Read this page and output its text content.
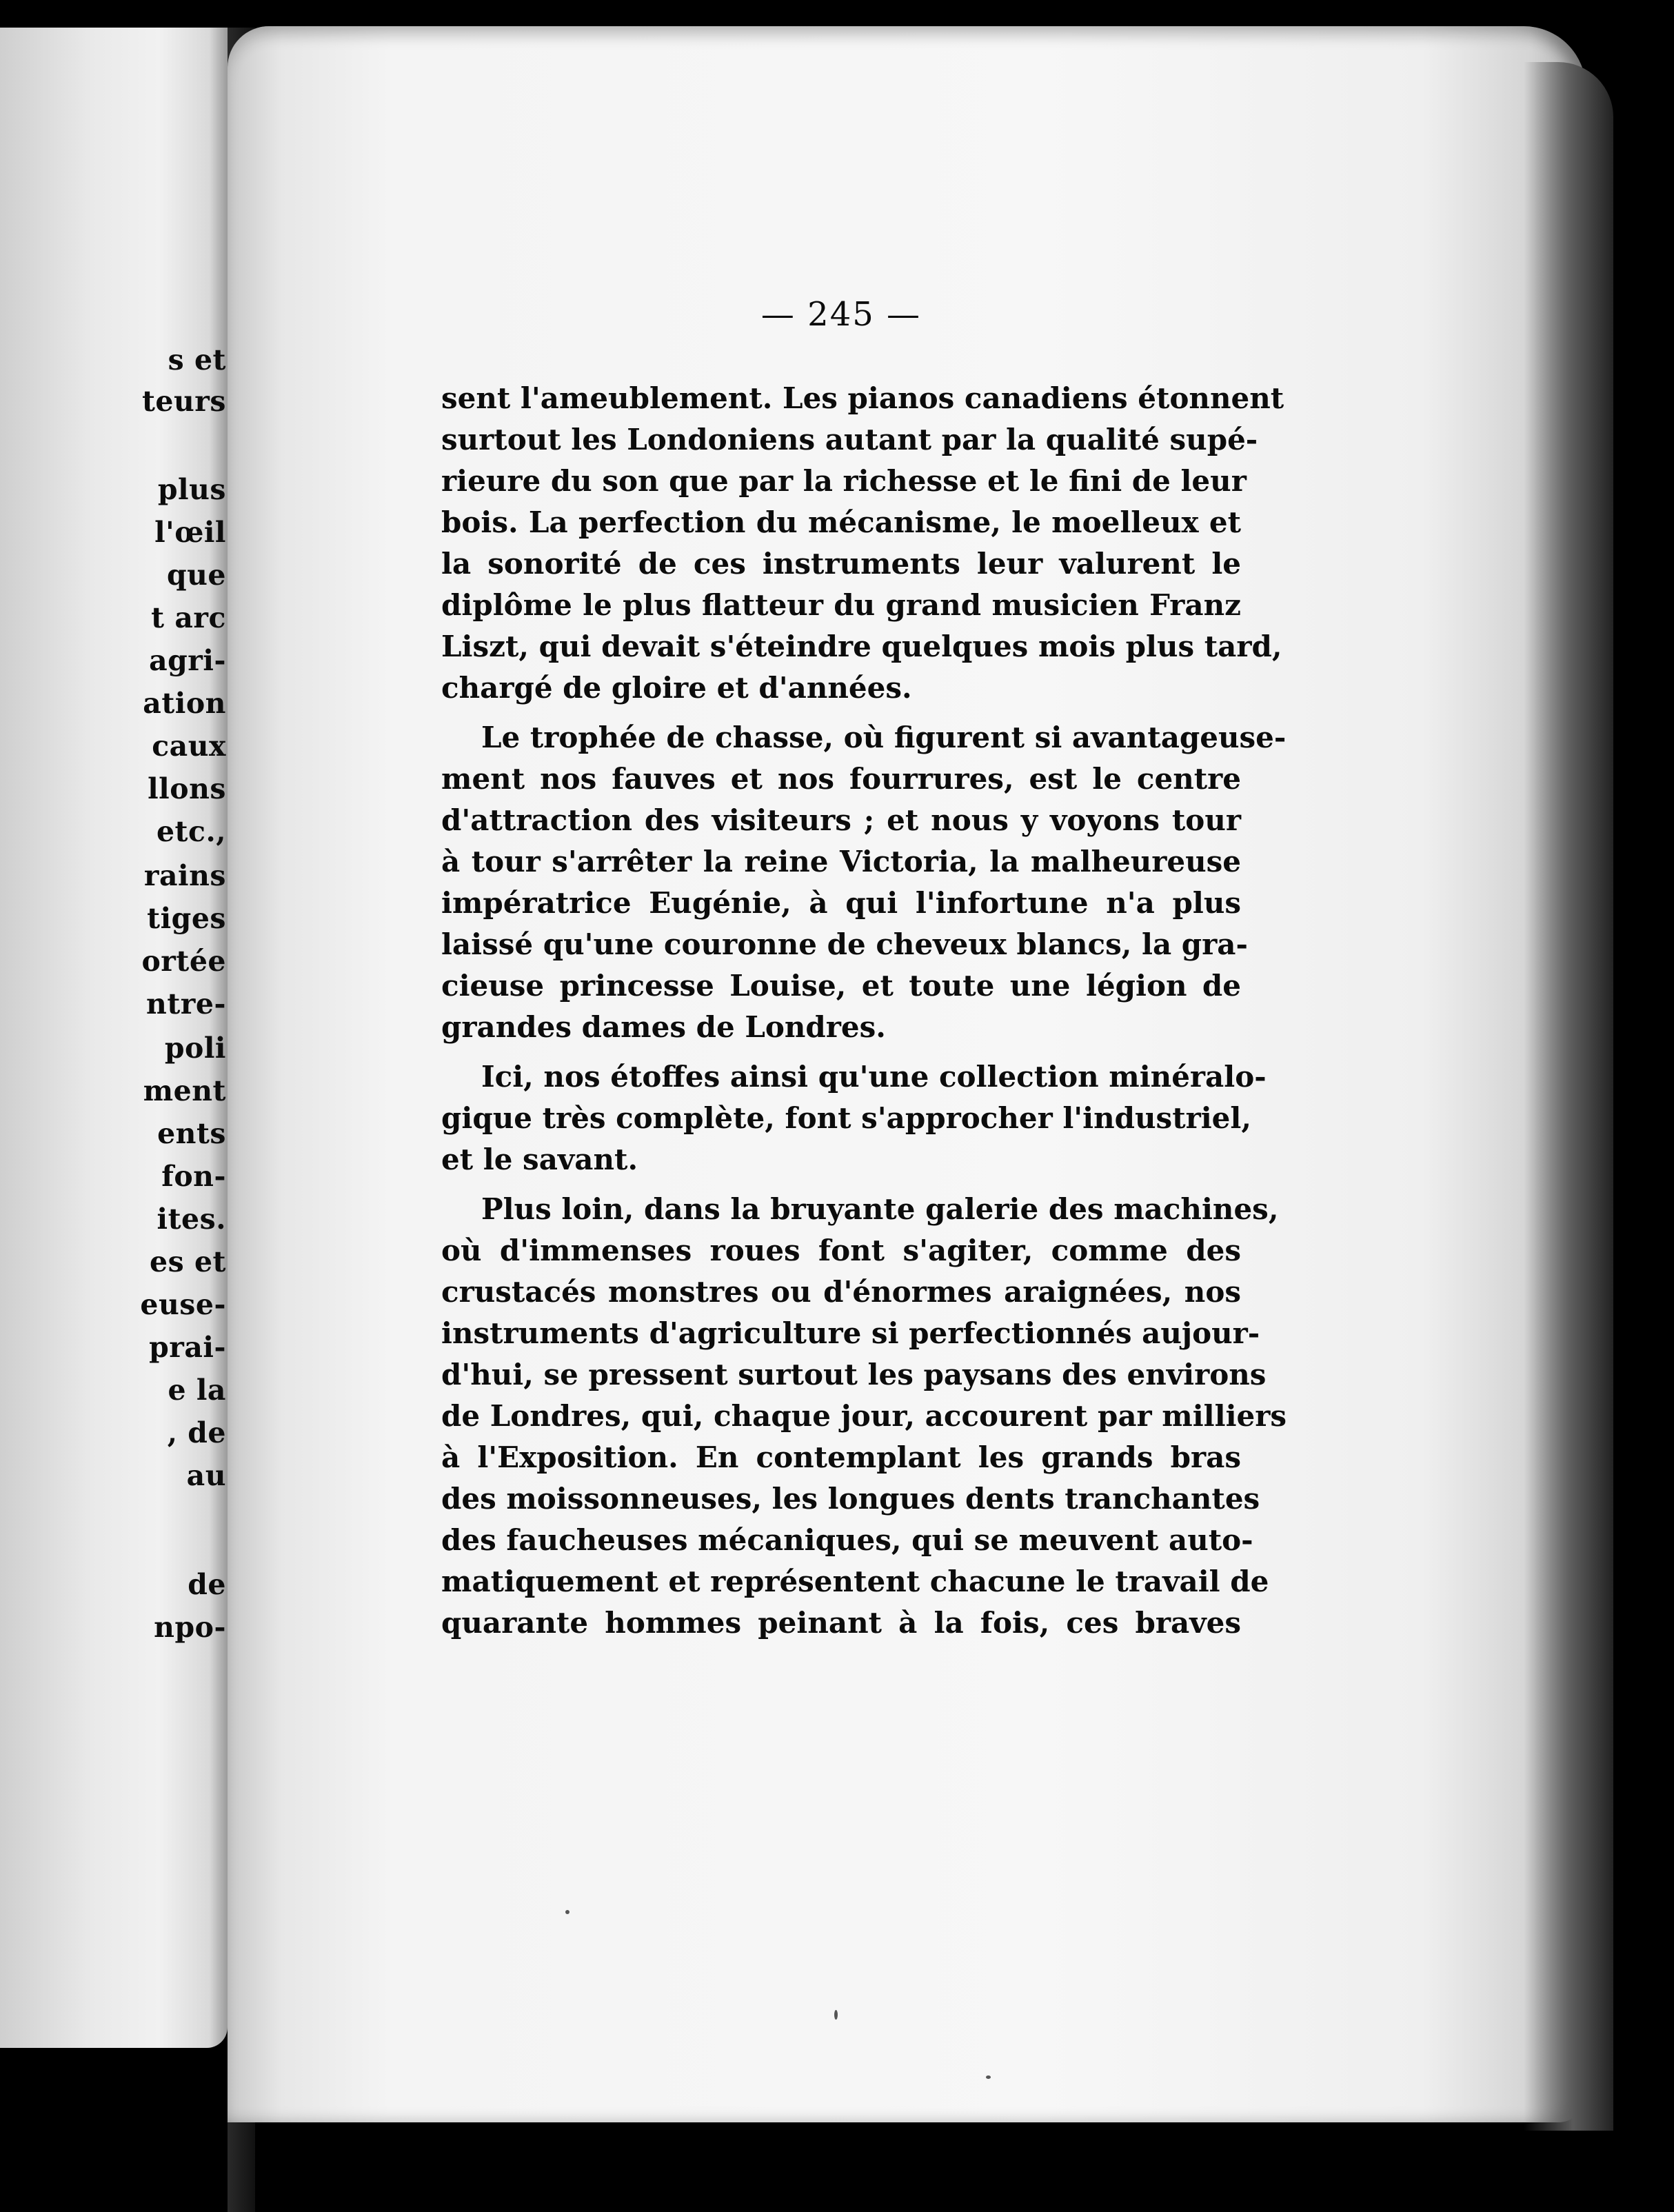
s et
teurs
plus
l'œil
que
t arc
agri-
ation
caux
llons
etc.,
rains
tiges
ortée
ntre-
poli
ment
ents
fon-
ites.
es et
euse-
prai-
e la
, de
au
de
npo-
— 245 —
sent l'ameublement. Les pianos canadiens étonnent
surtout les Londoniens autant par la qualité supé-
rieure du son que par la richesse et le fini de leur
bois. La perfection du mécanisme, le moelleux et
la sonorité de ces instruments leur valurent le
diplôme le plus flatteur du grand musicien Franz
Liszt, qui devait s'éteindre quelques mois plus tard,
chargé de gloire et d'années.
Le trophée de chasse, où figurent si avantageuse-
ment nos fauves et nos fourrures, est le centre
d'attraction des visiteurs ; et nous y voyons tour
à tour s'arrêter la reine Victoria, la malheureuse
impératrice Eugénie, à qui l'infortune n'a plus
laissé qu'une couronne de cheveux blancs, la gra-
cieuse princesse Louise, et toute une légion de
grandes dames de Londres.
Ici, nos étoffes ainsi qu'une collection minéralo-
gique très complète, font s'approcher l'industriel,
et le savant.
Plus loin, dans la bruyante galerie des machines,
où d'immenses roues font s'agiter, comme des
crustacés monstres ou d'énormes araignées, nos
instruments d'agriculture si perfectionnés aujour-
d'hui, se pressent surtout les paysans des environs
de Londres, qui, chaque jour, accourent par milliers
à l'Exposition. En contemplant les grands bras
des moissonneuses, les longues dents tranchantes
des faucheuses mécaniques, qui se meuvent auto-
matiquement et représentent chacune le travail de
quarante hommes peinant à la fois, ces braves
